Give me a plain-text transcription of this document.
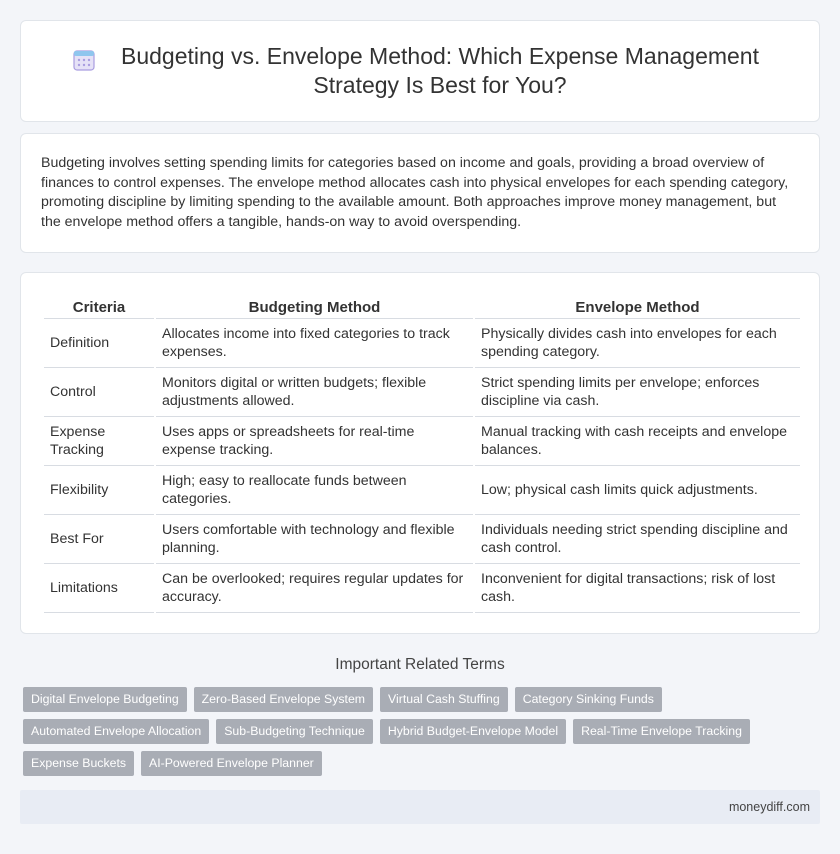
Budgeting vs. Envelope Method: Which Expense Management Strategy Is Best for You?

Budgeting involves setting spending limits for categories based on income and goals, providing a broad overview of finances to control expenses. The envelope method allocates cash into physical envelopes for each spending category, promoting discipline by limiting spending to the available amount. Both approaches improve money management, but the envelope method offers a tangible, hands-on way to avoid overspending.

Criteria	Budgeting Method	Envelope Method
Definition	Allocates income into fixed categories to track expenses.	Physically divides cash into envelopes for each spending category.
Control	Monitors digital or written budgets; flexible adjustments allowed.	Strict spending limits per envelope; enforces discipline via cash.
Expense Tracking	Uses apps or spreadsheets for real-time expense tracking.	Manual tracking with cash receipts and envelope balances.
Flexibility	High; easy to reallocate funds between categories.	Low; physical cash limits quick adjustments.
Best For	Users comfortable with technology and flexible planning.	Individuals needing strict spending discipline and cash control.
Limitations	Can be overlooked; requires regular updates for accuracy.	Inconvenient for digital transactions; risk of lost cash.
Important Related Terms
Digital Envelope Budgeting	Zero-Based Envelope System	Virtual Cash Stuffing	Category Sinking Funds
Automated Envelope Allocation	Sub-Budgeting Technique	Hybrid Budget-Envelope Model	Real-Time Envelope Tracking
Expense Buckets	AI-Powered Envelope Planner
moneydiff.com
